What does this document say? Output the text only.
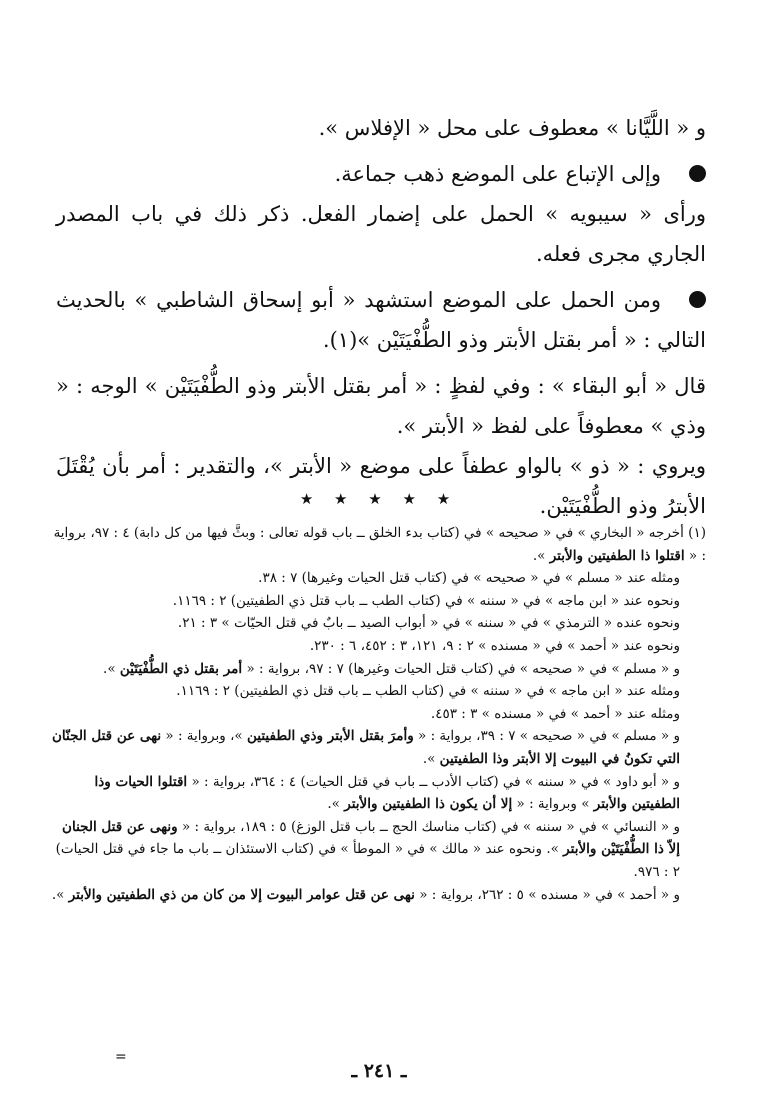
و « اللَّيَّانا » معطوف على محل « الإفلاس ».

وإلى الإتباع على الموضع ذهب جماعة.

ورأى « سيبويه » الحمل على إضمار الفعل. ذكر ذلك في باب المصدر الجاري مجرى فعله.

ومن الحمل على الموضع استشهد « أبو إسحاق الشاطبي » بالحديث التالي : « أمر بقتل الأبتر وذو الطُّفْيَتَيْن »(١).

قال « أبو البقاء » : وفي لفظٍ : « أمر بقتل الأبتر وذو الطُّفْيَتَيْن » الوجه : « وذي » معطوفاً على لفظ « الأبتر ».

ويروي : « ذو » بالواو عطفاً على موضع « الأبتر »، والتقدير : أمر بأن يُقْتَلَ الأبترُ وذو الطُّفْيَتَيْن.

★ ★ ★ ★ ★

(١) أخرجه « البخاري » في « صحيحه » في (كتاب بدء الخلق ــ باب قوله تعالى : وبثَّ فيها من كل دابة) ٤ : ٩٧، برواية : « اقتلوا ذا الطفيتين والأبتر ».

ومثله عند « مسلم » في « صحيحه » في (كتاب قتل الحيات وغيرها) ٧ : ٣٨.

ونحوه عند « ابن ماجه » في « سننه » في (كتاب الطب ــ باب قتل ذي الطفيتين) ٢ : ١١٦٩.

ونحوه عنده « الترمذي » في « سننه » في « أبواب الصيد ــ بابٌ في قتل الحيّات » ٣ : ٢١.

ونحوه عند « أحمد » في « مسنده » ٢ : ٩، ١٢١، ٣ : ٤٥٢، ٦ : ٢٣٠.

و « مسلم » في « صحيحه » في (كتاب قتل الحيات وغيرها) ٧ : ٩٧، برواية : « أمر بقتل ذي الطُّفْيَتَيْن ».

ومثله عند « ابن ماجه » في « سننه » في (كتاب الطب ــ باب قتل ذي الطفيتين) ٢ : ١١٦٩.

ومثله عند « أحمد » في « مسنده » ٣ : ٤٥٣.

و « مسلم » في « صحيحه » ٧ : ٣٩، برواية : « وأمرَ بقتل الأبتر وذي الطفيتين »، وبرواية : « نهى عن قتل الجنّان التي تكونُ في البيوت إلا الأبتر وذا الطفيتين ».

و « أبو داود » في « سننه » في (كتاب الأدب ــ باب في قتل الحيات) ٤ : ٣٦٤، برواية : « اقتلوا الحيات وذا الطفيتين والأبتر » وبرواية : « إلا أن يكون ذا الطفيتين والأبتر ».

و « النسائي » في « سننه » في (كتاب مناسك الحج ــ باب قتل الوزغ) ٥ : ١٨٩، برواية : « ونهى عن قتل الجنان إلاّ ذا الطُّفْيَتَيْن والأبتر ». ونحوه عند « مالك » في « الموطأ » في (كتاب الاستئذان ــ باب ما جاء في قتل الحيات) ٢ : ٩٧٦.

و « أحمد » في « مسنده » ٥ : ٢٦٢، برواية : « نهى عن قتل عوامر البيوت إلا من كان من ذي الطفيتين والأبتر ».

=
ـ ٢٤١ ـ
